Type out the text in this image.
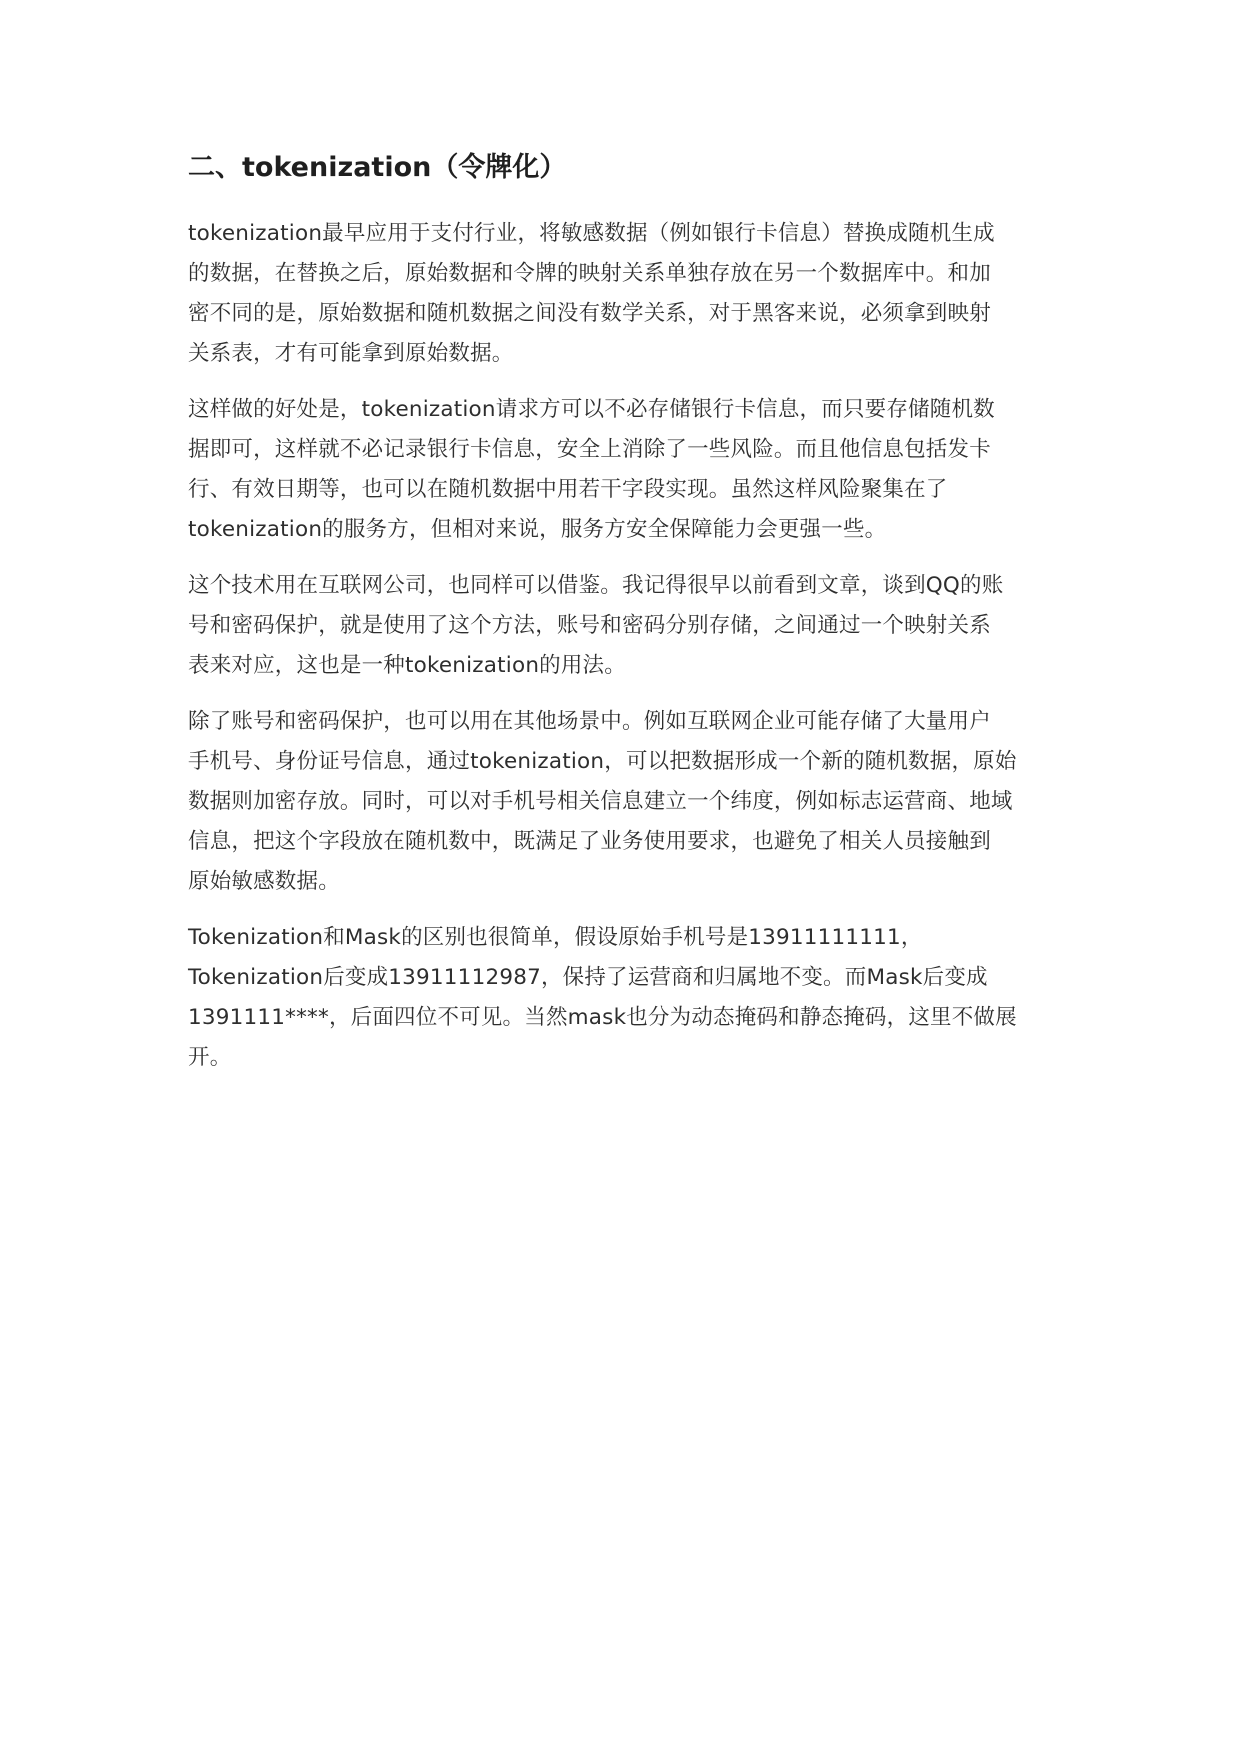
二、tokenization（令牌化）
tokenization最早应用于支付行业，将敏感数据（例如银行卡信息）替换成随机生成
的数据，在替换之后，原始数据和令牌的映射关系单独存放在另一个数据库中。和加
密不同的是，原始数据和随机数据之间没有数学关系，对于黑客来说，必须拿到映射
关系表，才有可能拿到原始数据。
这样做的好处是，tokenization请求方可以不必存储银行卡信息，而只要存储随机数
据即可，这样就不必记录银行卡信息，安全上消除了一些风险。而且他信息包括发卡
行、有效日期等，也可以在随机数据中用若干字段实现。虽然这样风险聚集在了
tokenization的服务方，但相对来说，服务方安全保障能力会更强一些。
这个技术用在互联网公司，也同样可以借鉴。我记得很早以前看到文章，谈到QQ的账
号和密码保护，就是使用了这个方法，账号和密码分别存储，之间通过一个映射关系
表来对应，这也是一种tokenization的用法。
除了账号和密码保护，也可以用在其他场景中。例如互联网企业可能存储了大量用户
手机号、身份证号信息，通过tokenization，可以把数据形成一个新的随机数据，原始
数据则加密存放。同时，可以对手机号相关信息建立一个纬度，例如标志运营商、地域
信息，把这个字段放在随机数中，既满足了业务使用要求，也避免了相关人员接触到
原始敏感数据。
Tokenization和Mask的区别也很简单，假设原始手机号是13911111111，
Tokenization后变成13911112987，保持了运营商和归属地不变。而Mask后变成
1391111****，后面四位不可见。当然mask也分为动态掩码和静态掩码，这里不做展
开。
